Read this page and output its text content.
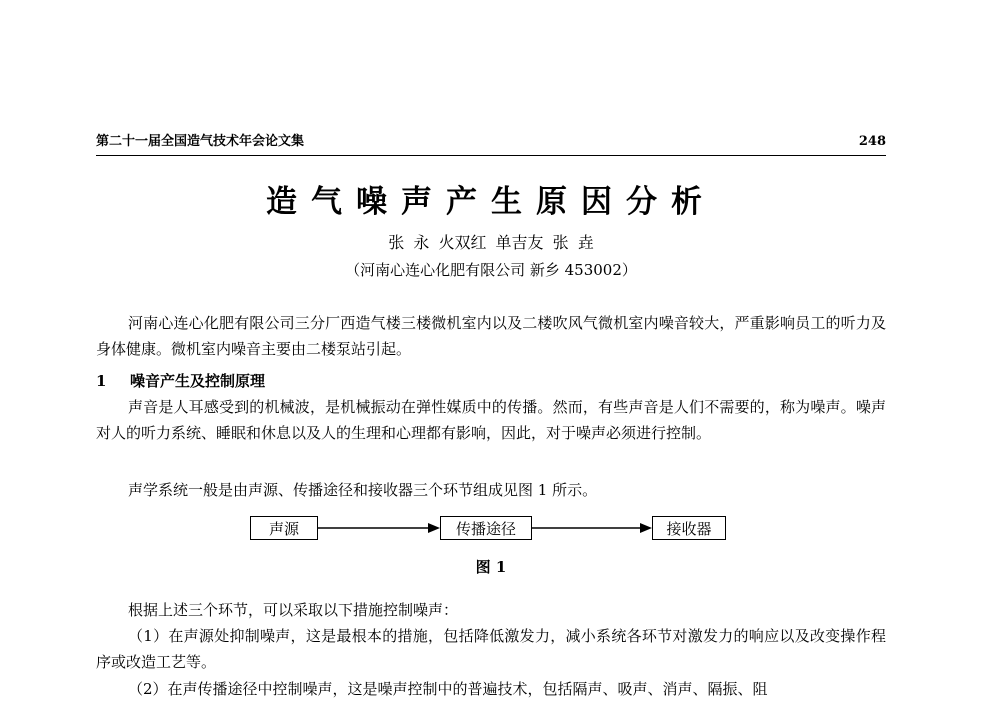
第二十一届全国造气技术年会论文集	248
造气噪声产生原因分析
张 永 火双红 单吉友 张 垚
（河南心连心化肥有限公司 新乡 453002）
河南心连心化肥有限公司三分厂西造气楼三楼微机室内以及二楼吹风气微机室内噪音较大，严重影响员工的听力及身体健康。微机室内噪音主要由二楼泵站引起。
1 噪音产生及控制原理
声音是人耳感受到的机械波，是机械振动在弹性媒质中的传播。然而，有些声音是人们不需要的，称为噪声。噪声对人的听力系统、睡眠和休息以及人的生理和心理都有影响，因此，对于噪声必须进行控制。
声学系统一般是由声源、传播途径和接收器三个环节组成见图 1 所示。
声源	传播途径	接收器
图 1
根据上述三个环节，可以采取以下措施控制噪声：
（1）在声源处抑制噪声，这是最根本的措施，包括降低激发力，减小系统各环节对激发力的响应以及改变操作程序或改造工艺等。
（2）在声传播途径中控制噪声，这是噪声控制中的普遍技术，包括隔声、吸声、消声、隔振、阻
